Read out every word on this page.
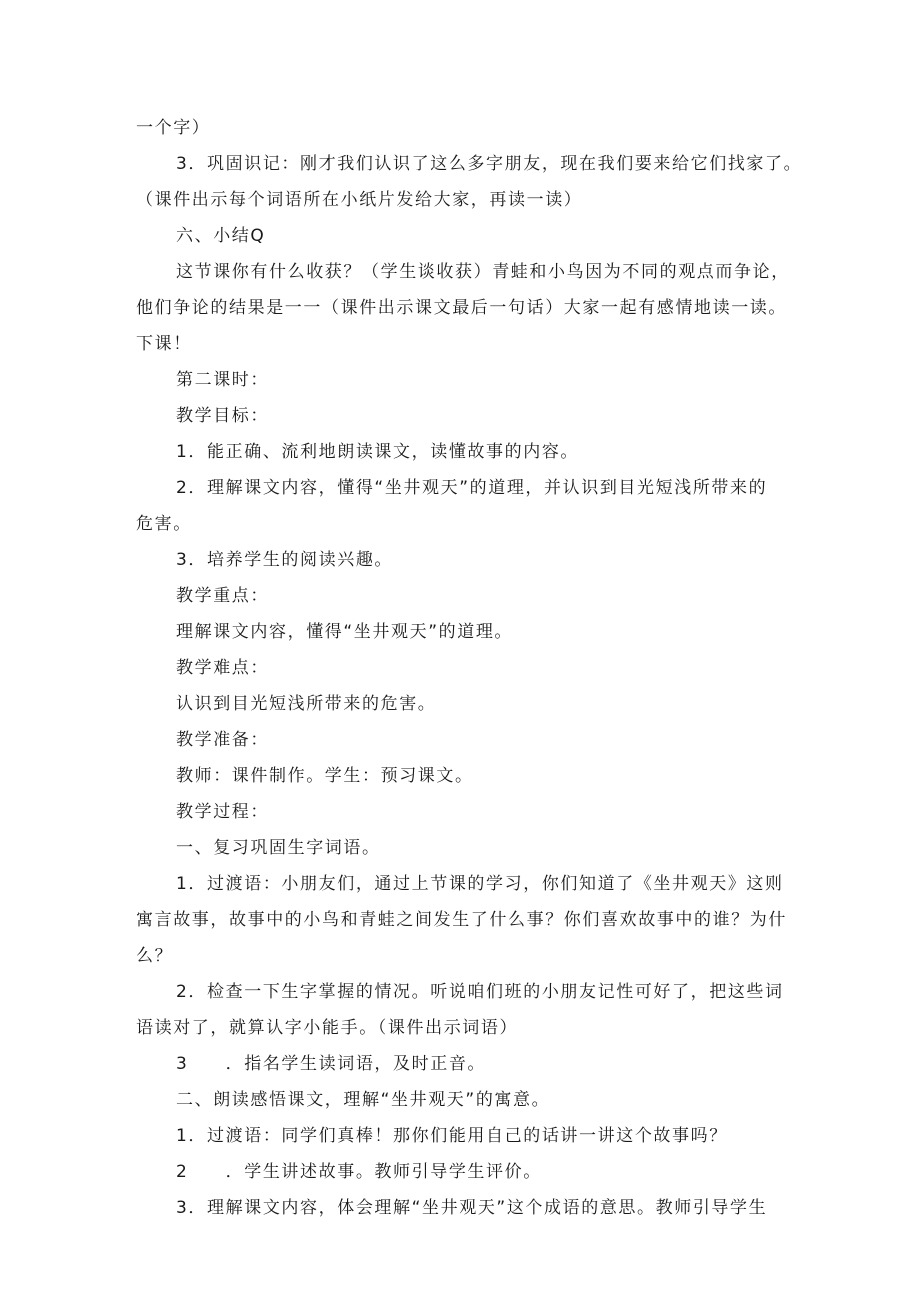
一个字）
3．巩固识记：刚才我们认识了这么多字朋友，现在我们要来给它们找家了。
（课件出示每个词语所在小纸片发给大家，再读一读）
六、小结Q
这节课你有什么收获？（学生谈收获）青蛙和小鸟因为不同的观点而争论，
他们争论的结果是一一（课件出示课文最后一句话）大家一起有感情地读一读。
下课！
第二课时：
教学目标：
1．能正确、流利地朗读课文，读懂故事的内容。
2．理解课文内容，懂得“坐井观天”的道理，并认识到目光短浅所带来的
危害。
3．培养学生的阅读兴趣。
教学重点：
理解课文内容，懂得“坐井观天”的道理。
教学难点：
认识到目光短浅所带来的危害。
教学准备：
教师：课件制作。学生：预习课文。
教学过程：
一、复习巩固生字词语。
1．过渡语：小朋友们，通过上节课的学习，你们知道了《坐井观天》这则
寓言故事，故事中的小鸟和青蛙之间发生了什么事？你们喜欢故事中的谁？为什
么？
2．检查一下生字掌握的情况。听说咱们班的小朋友记性可好了，把这些词
语读对了，就算认字小能手。（课件出示词语）
3　　．指名学生读词语，及时正音。
二、朗读感悟课文，理解“坐井观天”的寓意。
1．过渡语：同学们真棒！那你们能用自己的话讲一讲这个故事吗？
2　　．学生讲述故事。教师引导学生评价。
3．理解课文内容，体会理解“坐井观天”这个成语的意思。教师引导学生
